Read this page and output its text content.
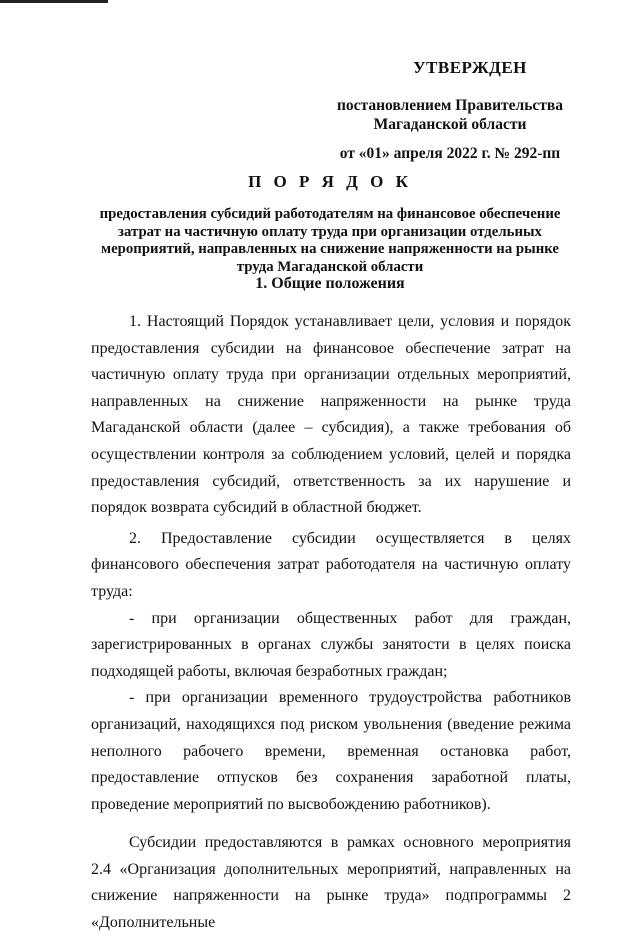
УТВЕРЖДЕН
постановлением Правительства
Магаданской области
от «01» апреля 2022 г. № 292-пп
П О Р Я Д О К
предоставления субсидий работодателям на финансовое обеспечение
затрат на частичную оплату труда при организации отдельных
мероприятий, направленных на снижение напряженности на рынке
труда Магаданской области
1. Общие положения

1. Настоящий Порядок устанавливает цели, условия и порядок предоставления субсидии на финансовое обеспечение затрат на частичную оплату труда при организации отдельных мероприятий, направленных на снижение напряженности на рынке труда Магаданской области (далее – субсидия), а также требования об осуществлении контроля за соблюдением условий, целей и порядка предоставления субсидий, ответственность за их нарушение и порядок возврата субсидий в областной бюджет.

2. Предоставление субсидии осуществляется в целях финансового обеспечения затрат работодателя на частичную оплату труда:

- при организации общественных работ для граждан, зарегистрированных в органах службы занятости в целях поиска подходящей работы, включая безработных граждан;

- при организации временного трудоустройства работников организаций, находящихся под риском увольнения (введение режима неполного рабочего времени, временная остановка работ, предоставление отпусков без сохранения заработной платы, проведение мероприятий по высвобождению работников).

Субсидии предоставляются в рамках основного мероприятия 2.4 «Организация дополнительных мероприятий, направленных на снижение напряженности на рынке труда» подпрограммы 2 «Дополнительные
